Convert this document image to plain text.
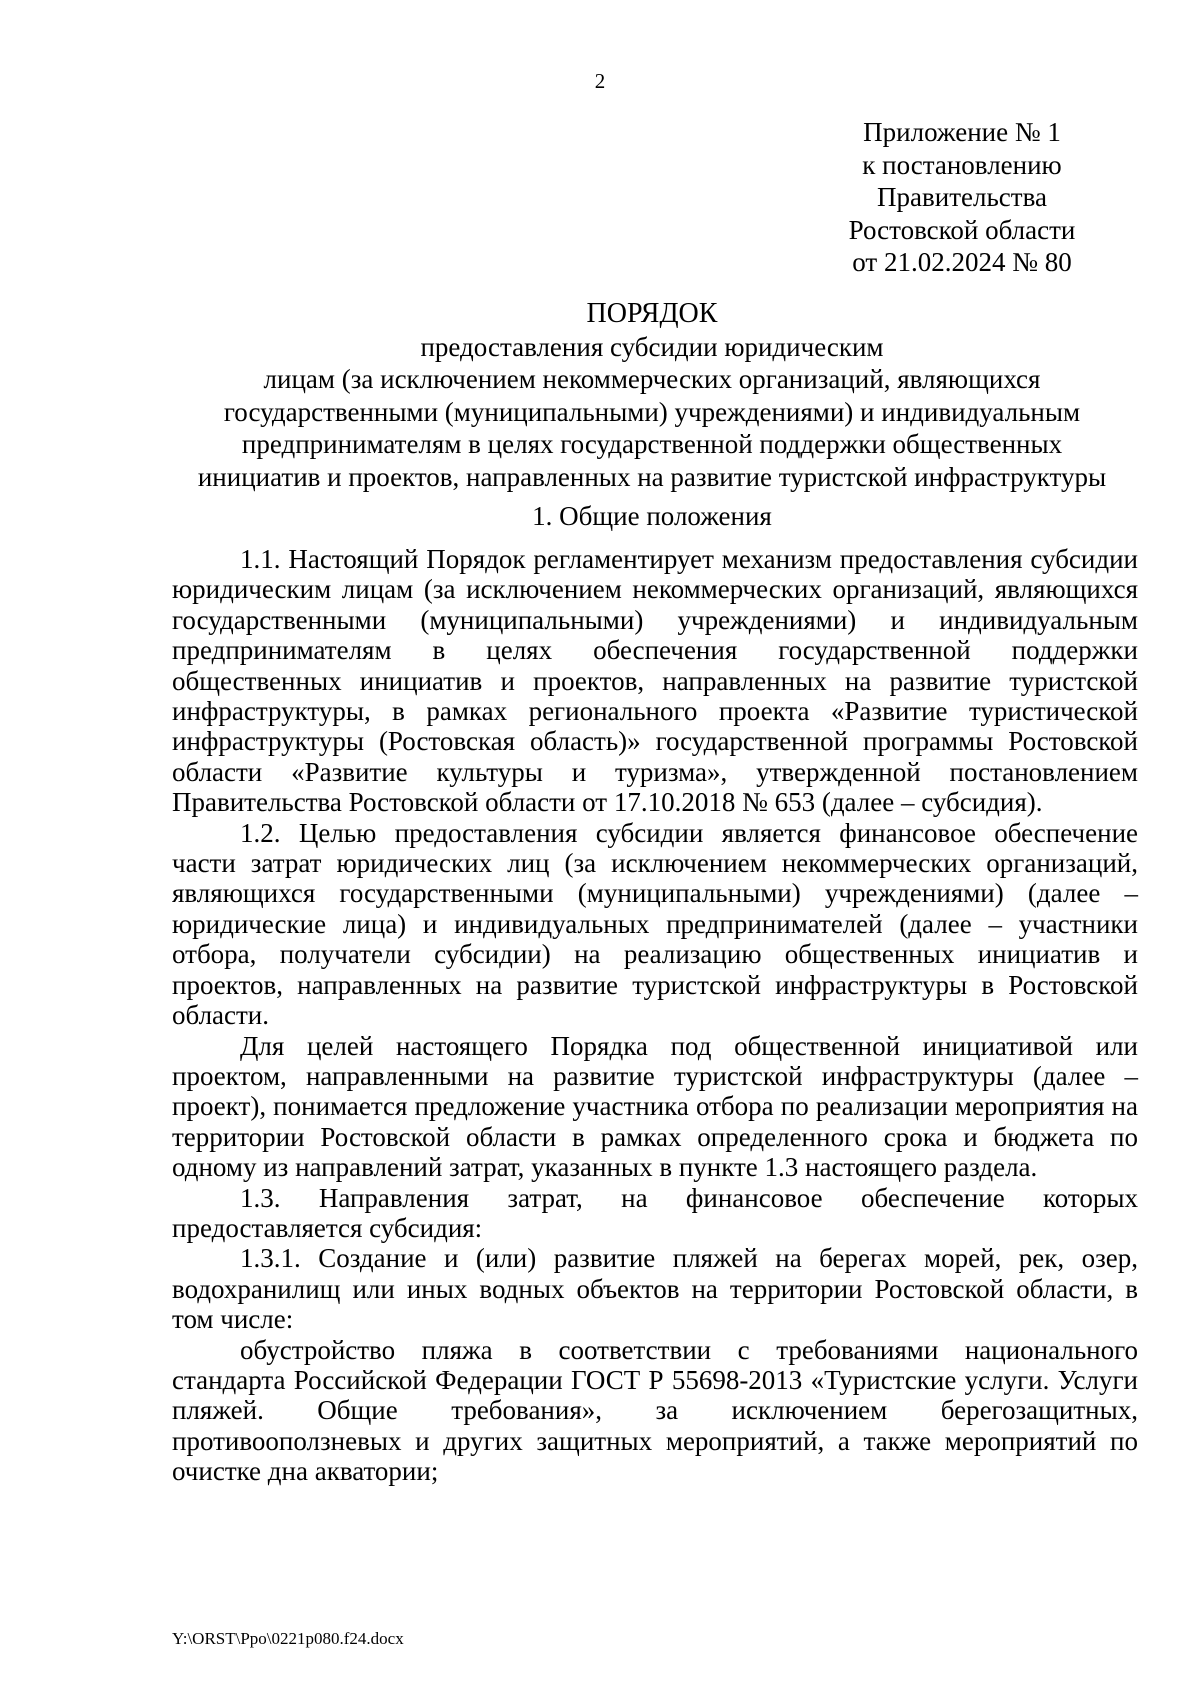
2
Приложение № 1
к постановлению
Правительства
Ростовской области
от 21.02.2024 № 80
ПОРЯДОК
предоставления субсидии юридическим
лицам (за исключением некоммерческих организаций, являющихся
государственными (муниципальными) учреждениями) и индивидуальным
предпринимателям в целях государственной поддержки общественных
инициатив и проектов, направленных на развитие туристской инфраструктуры
1. Общие положения

1.1. Настоящий Порядок регламентирует механизм предоставления субсидии юридическим лицам (за исключением некоммерческих организаций, являющихся государственными (муниципальными) учреждениями) и индивидуальным предпринимателям в целях обеспечения государственной поддержки общественных инициатив и проектов, направленных на развитие туристской инфраструктуры, в рамках регионального проекта «Развитие туристической инфраструктуры (Ростовская область)» государственной программы Ростовской области «Развитие культуры и туризма», утвержденной постановлением Правительства Ростовской области от 17.10.2018 № 653 (далее – субсидия).

1.2. Целью предоставления субсидии является финансовое обеспечение части затрат юридических лиц (за исключением некоммерческих организаций, являющихся государственными (муниципальными) учреждениями) (далее – юридические лица) и индивидуальных предпринимателей (далее – участники отбора, получатели субсидии) на реализацию общественных инициатив и проектов, направленных на развитие туристской инфраструктуры в Ростовской области.

Для целей настоящего Порядка под общественной инициативой или проектом, направленными на развитие туристской инфраструктуры (далее – проект), понимается предложение участника отбора по реализации мероприятия на территории Ростовской области в рамках определенного срока и бюджета по одному из направлений затрат, указанных в пункте 1.3 настоящего раздела.

1.3. Направления затрат, на финансовое обеспечение которых предоставляется субсидия:

1.3.1. Создание и (или) развитие пляжей на берегах морей, рек, озер, водохранилищ или иных водных объектов на территории Ростовской области, в том числе:

обустройство пляжа в соответствии с требованиями национального стандарта Российской Федерации ГОСТ Р 55698-2013 «Туристские услуги. Услуги пляжей. Общие требования», за исключением берегозащитных, противооползневых и других защитных мероприятий, а также мероприятий по очистке дна акватории;

Y:\ORST\Ppo\0221p080.f24.docx
